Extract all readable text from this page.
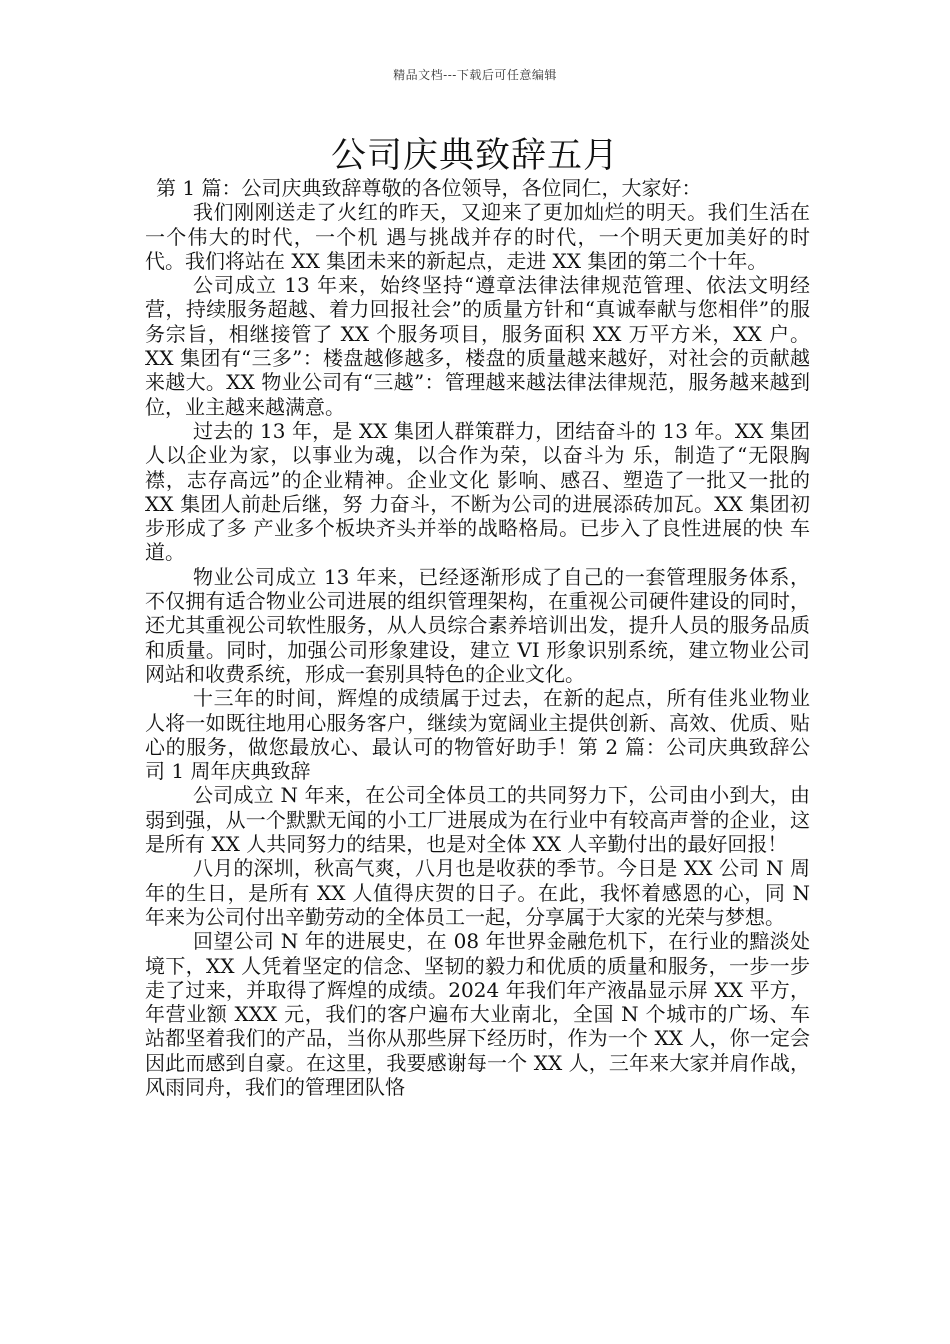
精品文档---下载后可任意编辑
公司庆典致辞五月

第 1 篇：公司庆典致辞尊敬的各位领导，各位同仁，大家好：

我们刚刚送走了火红的昨天，又迎来了更加灿烂的明天。我们生活在一个伟大的时代，一个机 遇与挑战并存的时代，一个明天更加美好的时代。我们将站在 XX 集团未来的新起点，走进 XX 集团的第二个十年。

公司成立 13 年来，始终坚持“遵章法律法律规范管理、依法文明经营，持续服务超越、着力回报社会”的质量方针和“真诚奉献与您相伴”的服务宗旨，相继接管了 XX 个服务项目，服务面积 XX 万平方米，XX 户。XX 集团有“三多”：楼盘越修越多，楼盘的质量越来越好，对社会的贡献越来越大。XX 物业公司有“三越”：管理越来越法律法律规范，服务越来越到位，业主越来越满意。

过去的 13 年，是 XX 集团人群策群力，团结奋斗的 13 年。XX 集团人以企业为家，以事业为魂，以合作为荣，以奋斗为 乐，制造了“无限胸襟，志存高远”的企业精神。企业文化 影响、感召、塑造了一批又一批的 XX 集团人前赴后继，努 力奋斗，不断为公司的进展添砖加瓦。XX 集团初步形成了多 产业多个板块齐头并举的战略格局。已步入了良性进展的快 车道。

物业公司成立 13 年来，已经逐渐形成了自己的一套管理服务体系，不仅拥有适合物业公司进展的组织管理架构，在重视公司硬件建设的同时，还尤其重视公司软性服务，从人员综合素养培训出发，提升人员的服务品质和质量。同时，加强公司形象建设，建立 VI 形象识别系统，建立物业公司网站和收费系统，形成一套别具特色的企业文化。

十三年的时间，辉煌的成绩属于过去，在新的起点，所有佳兆业物业人将一如既往地用心服务客户，继续为宽阔业主提供创新、高效、优质、贴心的服务，做您最放心、最认可的物管好助手！第 2 篇：公司庆典致辞公司 1 周年庆典致辞

公司成立 N 年来，在公司全体员工的共同努力下，公司由小到大，由弱到强，从一个默默无闻的小工厂进展成为在行业中有较高声誉的企业，这是所有 XX 人共同努力的结果，也是对全体 XX 人辛勤付出的最好回报！

八月的深圳，秋高气爽，八月也是收获的季节。今日是 XX 公司 N 周年的生日，是所有 XX 人值得庆贺的日子。在此，我怀着感恩的心，同 N 年来为公司付出辛勤劳动的全体员工一起，分享属于大家的光荣与梦想。

回望公司 N 年的进展史，在 08 年世界金融危机下，在行业的黯淡处境下，XX 人凭着坚定的信念、坚韧的毅力和优质的质量和服务，一步一步走了过来，并取得了辉煌的成绩。2024 年我们年产液晶显示屏 XX 平方，年营业额 XXX 元，我们的客户遍布大业南北，全国 N 个城市的广场、车站都坚着我们的产品，当你从那些屏下经历时，作为一个 XX 人，你一定会因此而感到自豪。在这里，我要感谢每一个 XX 人，三年来大家并肩作战，风雨同舟，我们的管理团队恪
